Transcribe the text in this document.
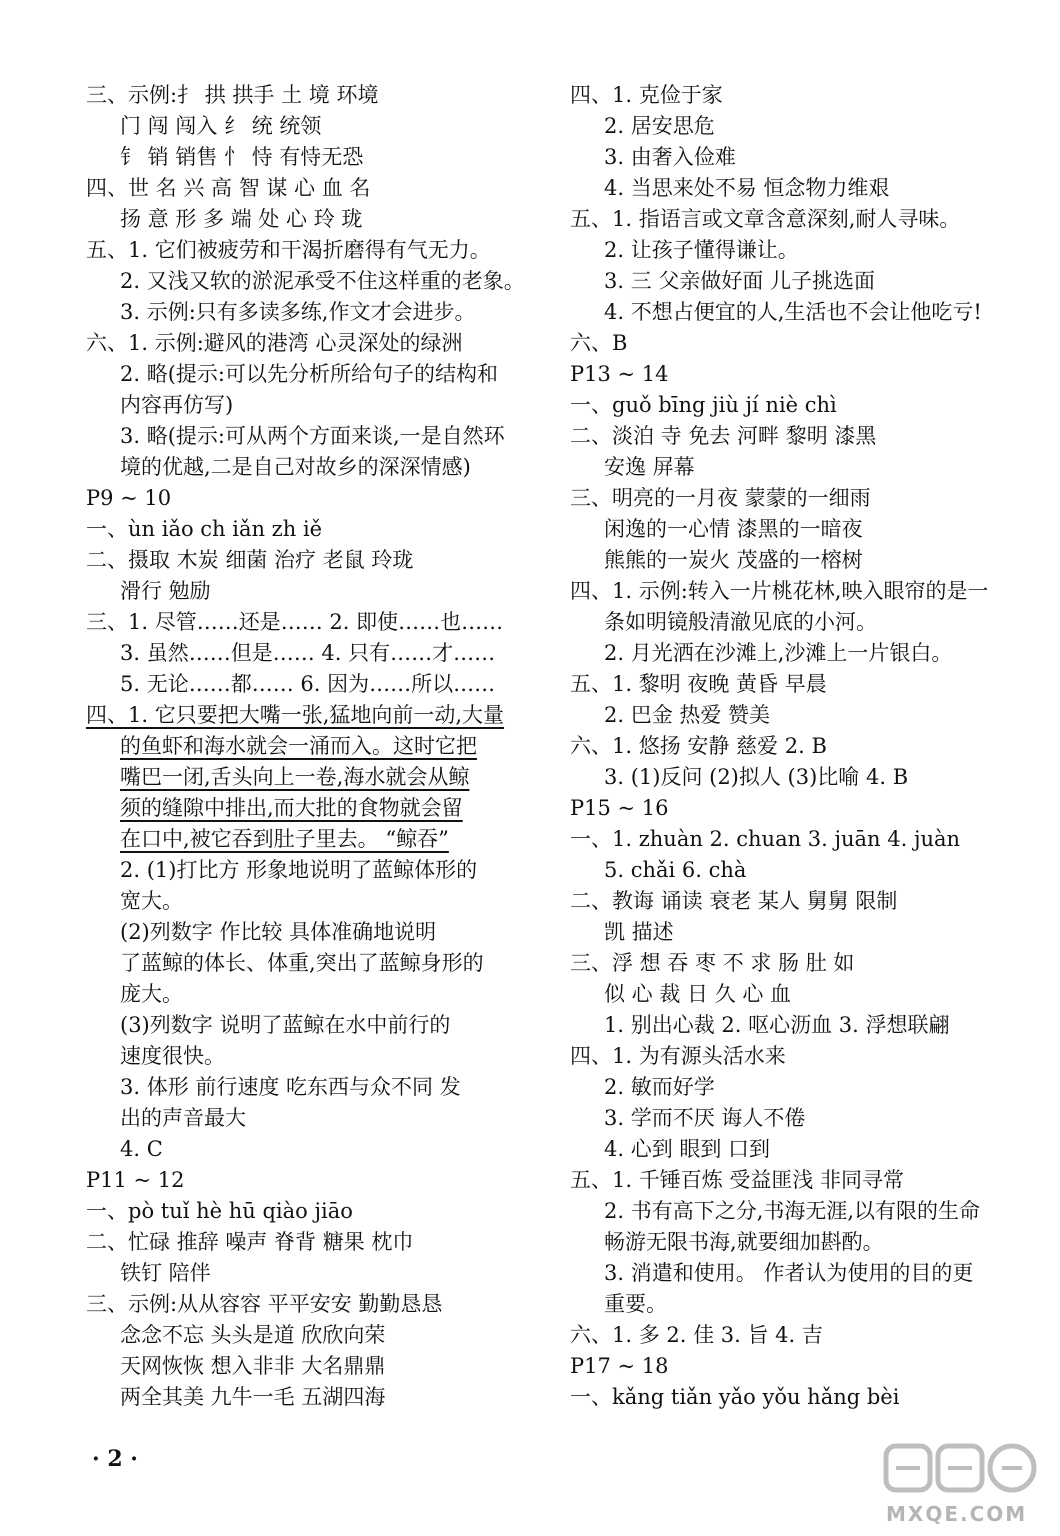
三、示例:扌 拱 拱手 土 境 环境
门 闯 闯入 纟 统 统领
钅 销 销售 忄 恃 有恃无恐
四、世 名 兴 高 智 谋 心 血 名
扬 意 形 多 端 处 心 玲 珑
五、1. 它们被疲劳和干渴折磨得有气无力。
2. 又浅又软的淤泥承受不住这样重的老象。
3. 示例:只有多读多练,作文才会进步。
六、1. 示例:避风的港湾 心灵深处的绿洲
2. 略(提示:可以先分析所给句子的结构和
内容再仿写)
3. 略(提示:可从两个方面来谈,一是自然环
境的优越,二是自己对故乡的深深情感)
P9 ~ 10
一、ùn iǎo ch iǎn zh iě
二、摄取 木炭 细菌 治疗 老鼠 玲珑
滑行 勉励
三、1. 尽管……还是…… 2. 即使……也……
3. 虽然……但是…… 4. 只有……才……
5. 无论……都…… 6. 因为……所以……
四、1. 它只要把大嘴一张,猛地向前一动,大量
的鱼虾和海水就会一涌而入。这时它把
嘴巴一闭,舌头向上一卷,海水就会从鲸
须的缝隙中排出,而大批的食物就会留
在口中,被它吞到肚子里去。 “鲸吞”
2. (1)打比方 形象地说明了蓝鲸体形的
宽大。
(2)列数字 作比较 具体准确地说明
了蓝鲸的体长、体重,突出了蓝鲸身形的
庞大。
(3)列数字 说明了蓝鲸在水中前行的
速度很快。
3. 体形 前行速度 吃东西与众不同 发
出的声音最大
4. C
P11 ~ 12
一、pò tuǐ hè hū qiào jiāo
二、忙碌 推辞 噪声 脊背 糖果 枕巾
铁钉 陪伴
三、示例:从从容容 平平安安 勤勤恳恳
念念不忘 头头是道 欣欣向荣
天网恢恢 想入非非 大名鼎鼎
两全其美 九牛一毛 五湖四海
四、1. 克俭于家
2. 居安思危
3. 由奢入俭难
4. 当思来处不易 恒念物力维艰
五、1. 指语言或文章含意深刻,耐人寻味。
2. 让孩子懂得谦让。
3. 三 父亲做好面 儿子挑选面
4. 不想占便宜的人,生活也不会让他吃亏!
六、B
P13 ~ 14
一、guǒ bīng jiù jí niè chì
二、淡泊 寺 免去 河畔 黎明 漆黑
安逸 屏幕
三、明亮的一月夜 蒙蒙的一细雨
闲逸的一心情 漆黑的一暗夜
熊熊的一炭火 茂盛的一榕树
四、1. 示例:转入一片桃花林,映入眼帘的是一
条如明镜般清澈见底的小河。
2. 月光洒在沙滩上,沙滩上一片银白。
五、1. 黎明 夜晚 黄昏 早晨
2. 巴金 热爱 赞美
六、1. 悠扬 安静 慈爱 2. B
3. (1)反问 (2)拟人 (3)比喻 4. B
P15 ~ 16
一、1. zhuàn 2. chuan 3. juān 4. juàn
5. chǎi 6. chà
二、教诲 诵读 衰老 某人 舅舅 限制
凯 描述
三、浮 想 吞 枣 不 求 肠 肚 如
似 心 裁 日 久 心 血
1. 别出心裁 2. 呕心沥血 3. 浮想联翩
四、1. 为有源头活水来
2. 敏而好学
3. 学而不厌 诲人不倦
4. 心到 眼到 口到
五、1. 千锤百炼 受益匪浅 非同寻常
2. 书有高下之分,书海无涯,以有限的生命
畅游无限书海,就要细加斟酌。
3. 消遣和使用。 作者认为使用的目的更
重要。
六、1. 多 2. 佳 3. 旨 4. 吉
P17 ~ 18
一、kǎng tiǎn yǎo yǒu hǎng bèi
· 2 ·
MXQE.COM
